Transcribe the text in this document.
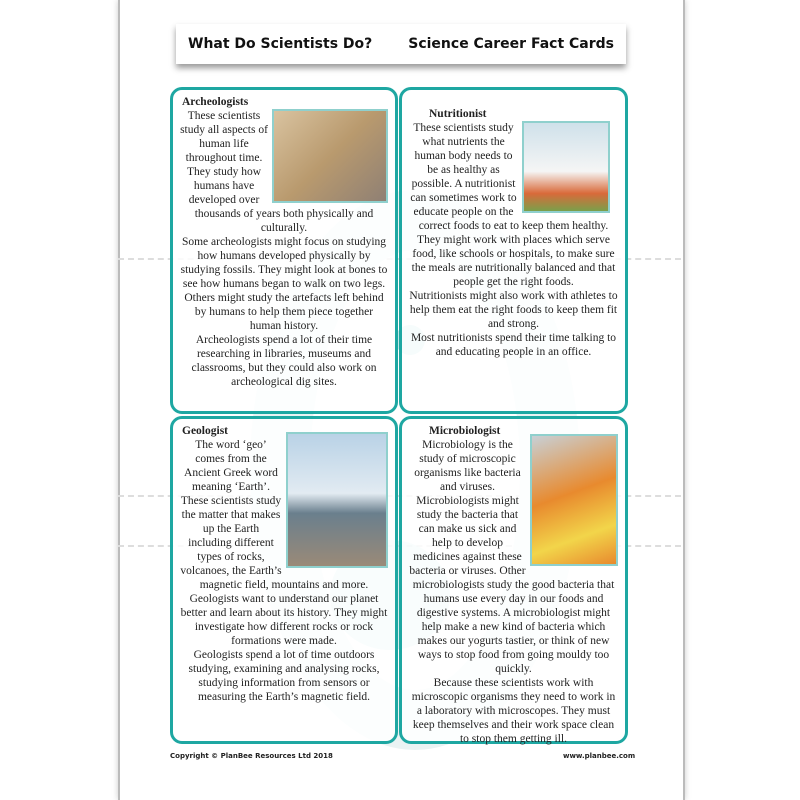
What Do Scientists Do?	Science Career Fact Cards
Archeologists

These scientists study all aspects of human life throughout time. They study how humans have developed over thousands of years both physically and culturally.

Some archeologists might focus on studying how humans developed physically by studying fossils. They might look at bones to see how humans began to walk on two legs. Others might study the artefacts left behind by humans to help them piece together human history.

Archeologists spend a lot of their time researching in libraries, museums and classrooms, but they could also work on archeological dig sites.

Nutritionist

These scientists study what nutrients the human body needs to be as healthy as possible. A nutritionist can sometimes work to educate people on the correct foods to eat to keep them healthy. They might work with places which serve food, like schools or hospitals, to make sure the meals are nutritionally balanced and that people get the right foods.

Nutritionists might also work with athletes to help them eat the right foods to keep them fit and strong.

Most nutritionists spend their time talking to and educating people in an office.

Geologist

The word ‘geo’ comes from the Ancient Greek word meaning ‘Earth’. These scientists study the matter that makes up the Earth including different types of rocks, volcanoes, the Earth’s magnetic field, mountains and more.

Geologists want to understand our planet better and learn about its history. They might investigate how different rocks or rock formations were made.

Geologists spend a lot of time outdoors studying, examining and analysing rocks, studying information from sensors or measuring the Earth’s magnetic field.

Microbiologist

Microbiology is the study of microscopic organisms like bacteria and viruses.

Microbiologists might study the bacteria that can make us sick and help to develop medicines against these bacteria or viruses. Other microbiologists study the good bacteria that humans use every day in our foods and digestive systems. A microbiologist might help make a new kind of bacteria which makes our yogurts tastier, or think of new ways to stop food from going mouldy too quickly.

Because these scientists work with microscopic organisms they need to work in a laboratory with microscopes. They must keep themselves and their work space clean to stop them getting ill.

Copyright © PlanBee Resources Ltd 2018	www.planbee.com
